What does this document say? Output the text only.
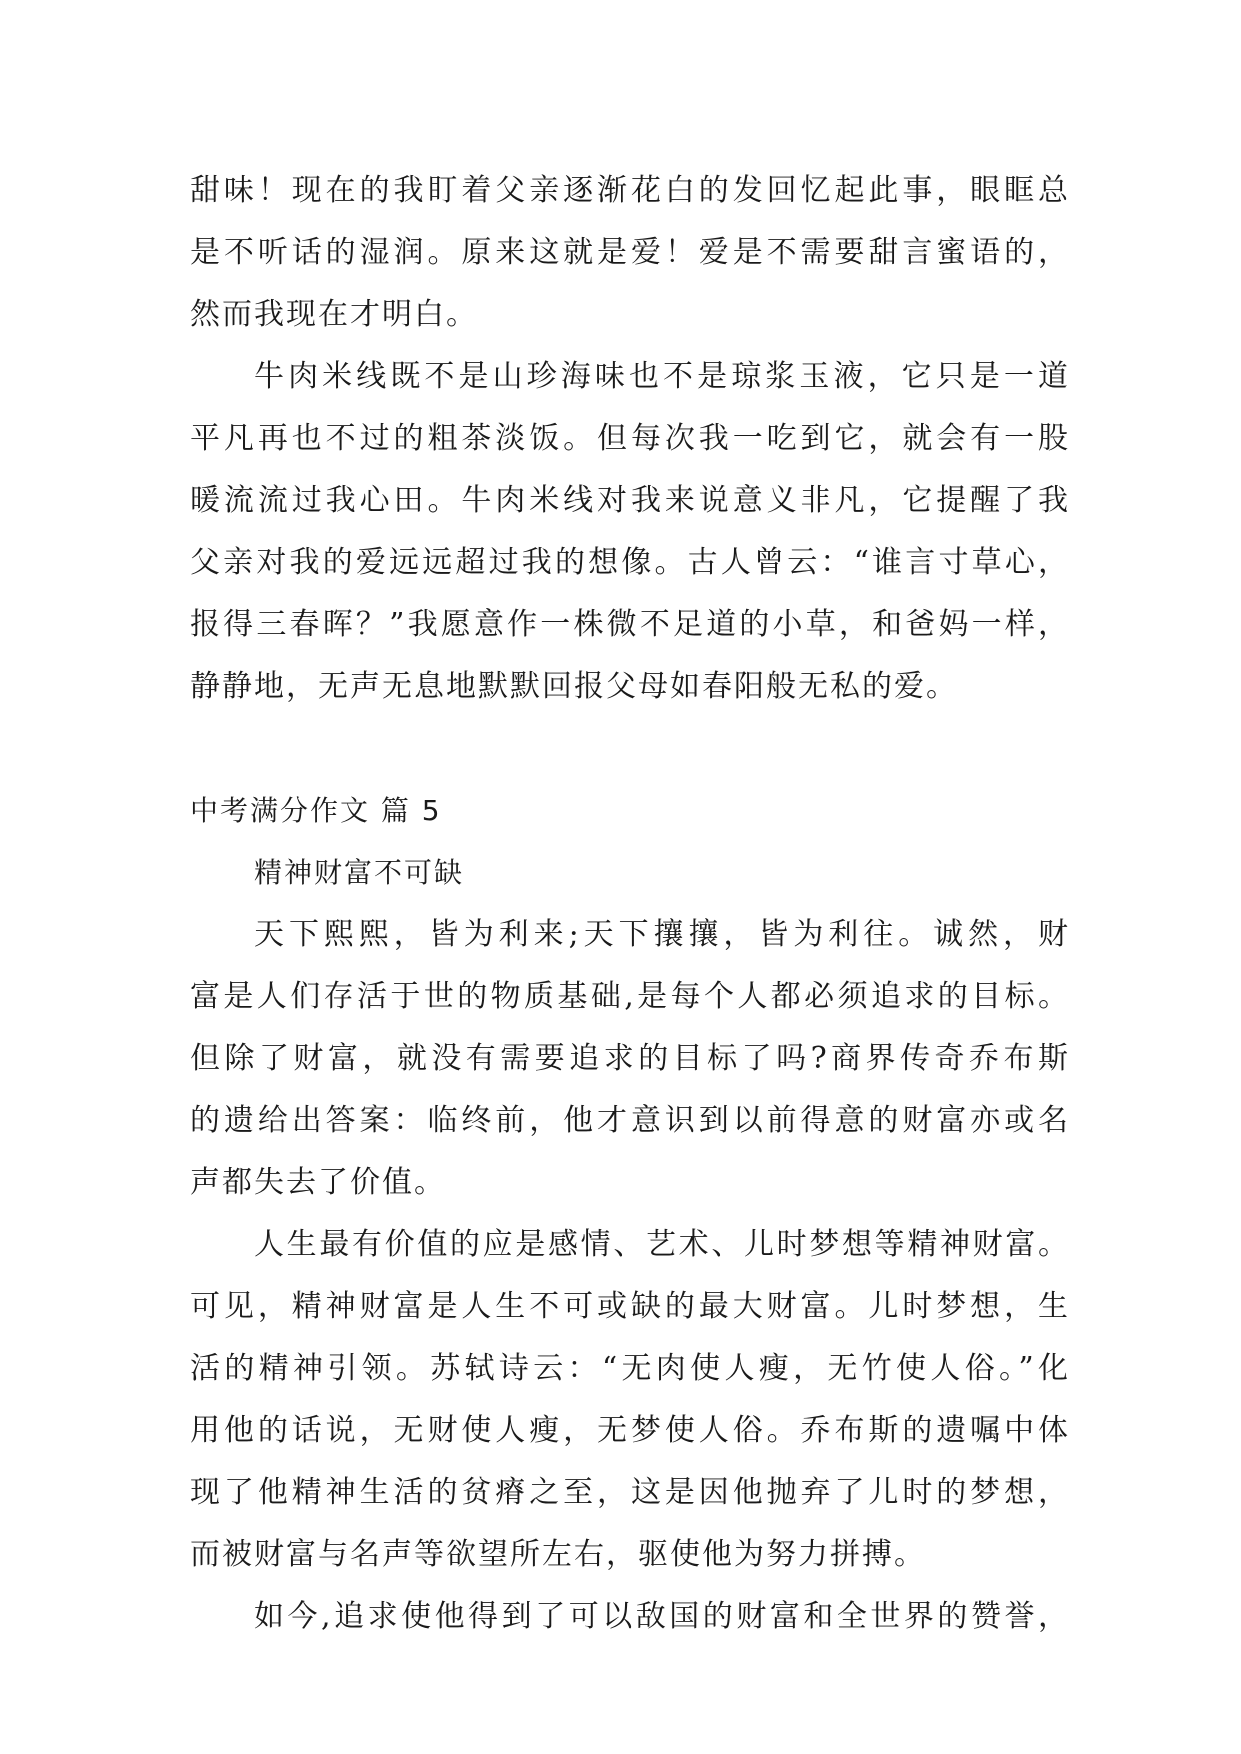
甜味！现在的我盯着父亲逐渐花白的发回忆起此事，眼眶总
是不听话的湿润。原来这就是爱！爱是不需要甜言蜜语的，
然而我现在才明白。
牛肉米线既不是山珍海味也不是琼浆玉液，它只是一道
平凡再也不过的粗茶淡饭。但每次我一吃到它，就会有一股
暖流流过我心田。牛肉米线对我来说意义非凡，它提醒了我
父亲对我的爱远远超过我的想像。古人曾云：“谁言寸草心，
报得三春晖？”我愿意作一株微不足道的小草，和爸妈一样，
静静地，无声无息地默默回报父母如春阳般无私的爱。
中考满分作文 篇 5
精神财富不可缺
天下熙熙，皆为利来;天下攘攘，皆为利往。诚然，财
富是人们存活于世的物质基础,是每个人都必须追求的目标。
但除了财富，就没有需要追求的目标了吗?商界传奇乔布斯
的遗给出答案：临终前，他才意识到以前得意的财富亦或名
声都失去了价值。
人生最有价值的应是感情、艺术、儿时梦想等精神财富。
可见，精神财富是人生不可或缺的最大财富。儿时梦想，生
活的精神引领。苏轼诗云：“无肉使人瘦，无竹使人俗。”化
用他的话说，无财使人瘦，无梦使人俗。乔布斯的遗嘱中体
现了他精神生活的贫瘠之至，这是因他抛弃了儿时的梦想，
而被财富与名声等欲望所左右，驱使他为努力拼搏。
如今,追求使他得到了可以敌国的财富和全世界的赞誉，
